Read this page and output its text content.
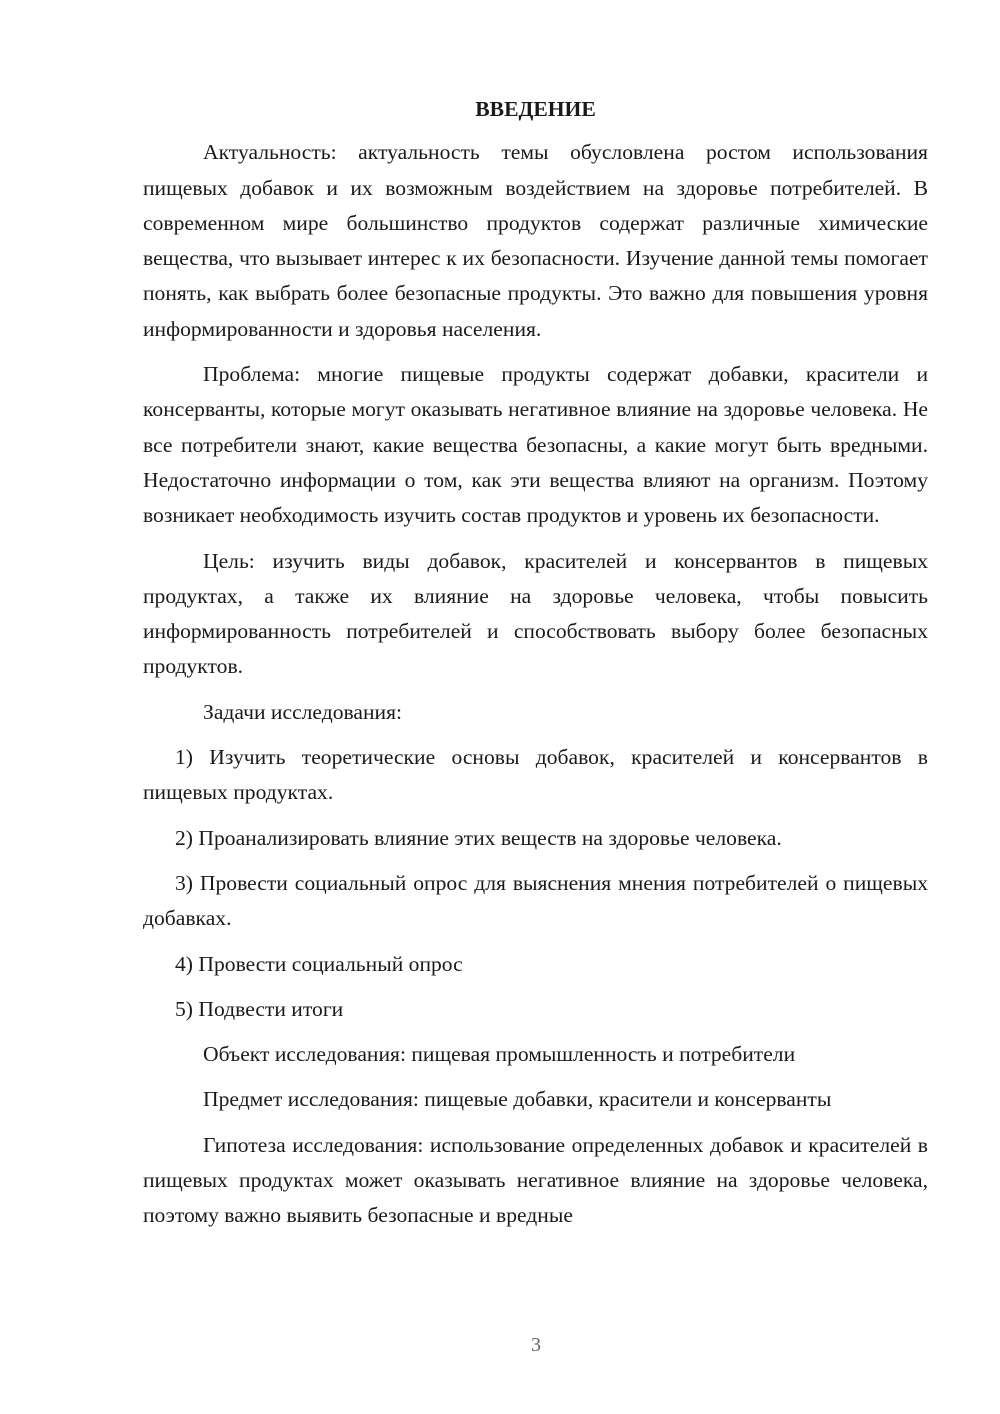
ВВЕДЕНИЕ

Актуальность: актуальность темы обусловлена ростом использования пищевых добавок и их возможным воздействием на здоровье потребителей. В современном мире большинство продуктов содержат различные химические вещества, что вызывает интерес к их безопасности. Изучение данной темы помогает понять, как выбрать более безопасные продукты. Это важно для повышения уровня информированности и здоровья населения.

Проблема: многие пищевые продукты содержат добавки, красители и консерванты, которые могут оказывать негативное влияние на здоровье человека. Не все потребители знают, какие вещества безопасны, а какие могут быть вредными. Недостаточно информации о том, как эти вещества влияют на организм. Поэтому возникает необходимость изучить состав продуктов и уровень их безопасности.

Цель: изучить виды добавок, красителей и консервантов в пищевых продуктах, а также их влияние на здоровье человека, чтобы повысить информированность потребителей и способствовать выбору более безопасных продуктов.

Задачи исследования:

1) Изучить теоретические основы добавок, красителей и консервантов в пищевых продуктах.

2) Проанализировать влияние этих веществ на здоровье человека.

3) Провести социальный опрос для выяснения мнения потребителей о пищевых добавках.

4) Провести социальный опрос

5) Подвести итоги

Объект исследования: пищевая промышленность и потребители

Предмет исследования: пищевые добавки, красители и консерванты

Гипотеза исследования: использование определенных добавок и красителей в пищевых продуктах может оказывать негативное влияние на здоровье человека, поэтому важно выявить безопасные и вредные

3
